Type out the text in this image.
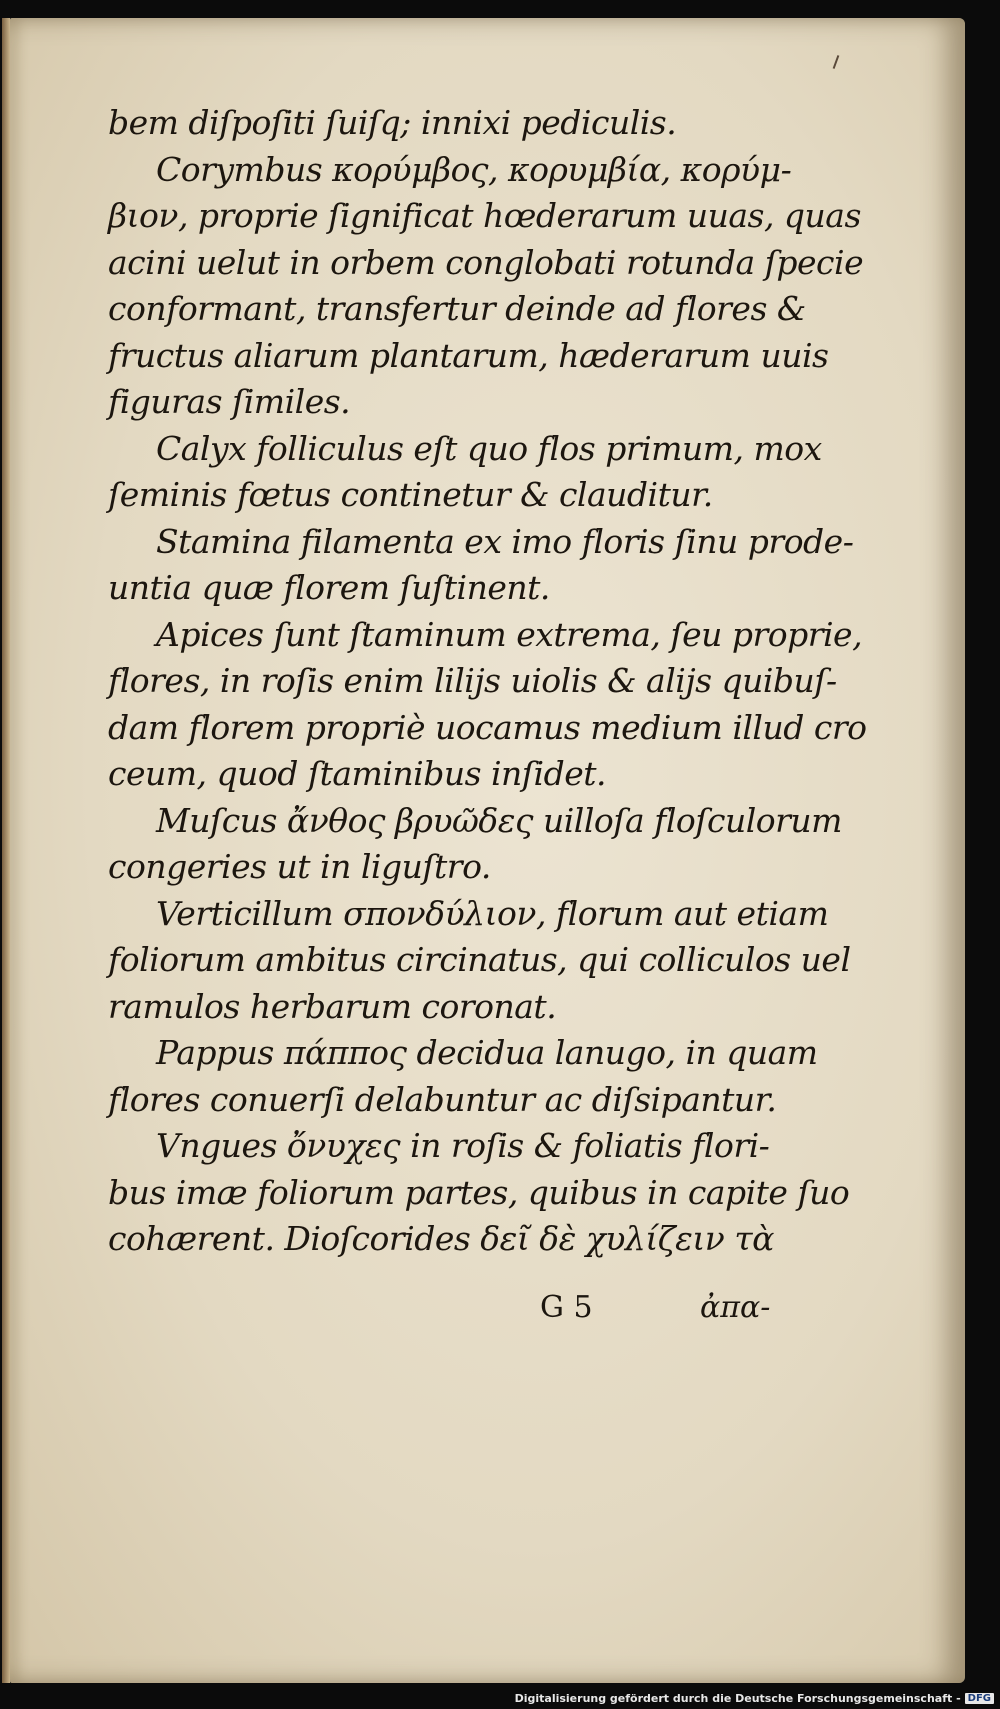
bem diſpoſiti ſuiſq; innixi pediculis.
Corymbus κορύμβος, κορυμβία, κορύμ-
βιον, proprie ſignificat hœderarum uuas, quas
acini uelut in orbem conglobati rotunda ſpecie
conformant, transfertur deinde ad flores &
fructus aliarum plantarum, hæderarum uuis
figuras ſimiles.
Calyx folliculus eſt quo flos primum, mox
ſeminis fœtus continetur & clauditur.
Stamina filamenta ex imo floris ſinu prode-
untia quæ florem ſuſtinent.
Apices ſunt ſtaminum extrema, ſeu proprie,
flores, in roſis enim lilijs uiolis & alijs quibuſ-
dam florem propriè uocamus medium illud cro
ceum, quod ſtaminibus inſidet.
Muſcus ἄνθος βρυῶδες uilloſa floſculorum
congeries ut in liguſtro.
Verticillum σπονδύλιον, florum aut etiam
foliorum ambitus circinatus, qui colliculos uel
ramulos herbarum coronat.
Pappus πάππος decidua lanugo, in quam
flores conuerſi delabuntur ac diſsipantur.
Vngues ὄνυχες in roſis & foliatis flori-
bus imæ foliorum partes, quibus in capite ſuo
cohærent. Dioſcorides δεῖ δὲ χυλίζειν τὰ
G 5	ἀπα-
Digitalisierung gefördert durch die Deutsche Forschungsgemeinschaft - DFG
